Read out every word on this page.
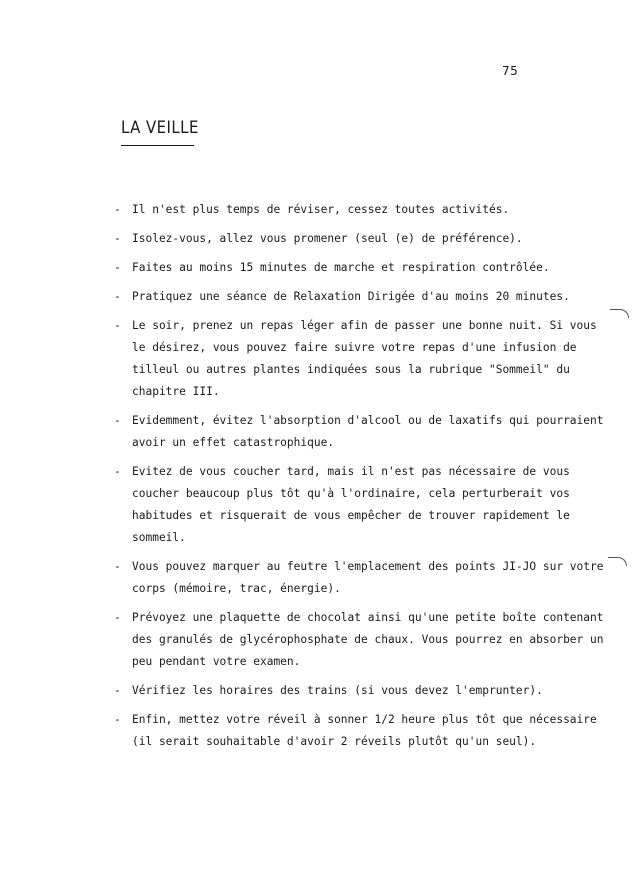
75
LA VEILLE
- Il n'est plus temps de réviser, cessez toutes activités.
- Isolez-vous, allez vous promener (seul (e) de préférence).
- Faites au moins 15 minutes de marche et respiration contrôlée.
- Pratiquez une séance de Relaxation Dirigée d'au moins 20 minutes.
- Le soir, prenez un repas léger afin de passer une bonne nuit. Si vous le désirez, vous pouvez faire suivre votre repas d'une infusion de tilleul ou autres plantes indiquées sous la rubrique "Sommeil" du chapitre III.
- Evidemment, évitez l'absorption d'alcool ou de laxatifs qui pourraient avoir un effet catastrophique.
- Evitez de vous coucher tard, mais il n'est pas nécessaire de vous coucher beaucoup plus tôt qu'à l'ordinaire, cela perturberait vos habitudes et risquerait de vous empêcher de trouver rapidement le sommeil.
- Vous pouvez marquer au feutre l'emplacement des points JI-JO sur votre corps (mémoire, trac, énergie).
- Prévoyez une plaquette de chocolat ainsi qu'une petite boîte contenant des granulés de glycérophosphate de chaux. Vous pourrez en absorber un peu pendant votre examen.
- Vérifiez les horaires des trains (si vous devez l'emprunter).
- Enfin, mettez votre réveil à sonner 1/2 heure plus tôt que nécessaire (il serait souhaitable d'avoir 2 réveils plutôt qu'un seul).
